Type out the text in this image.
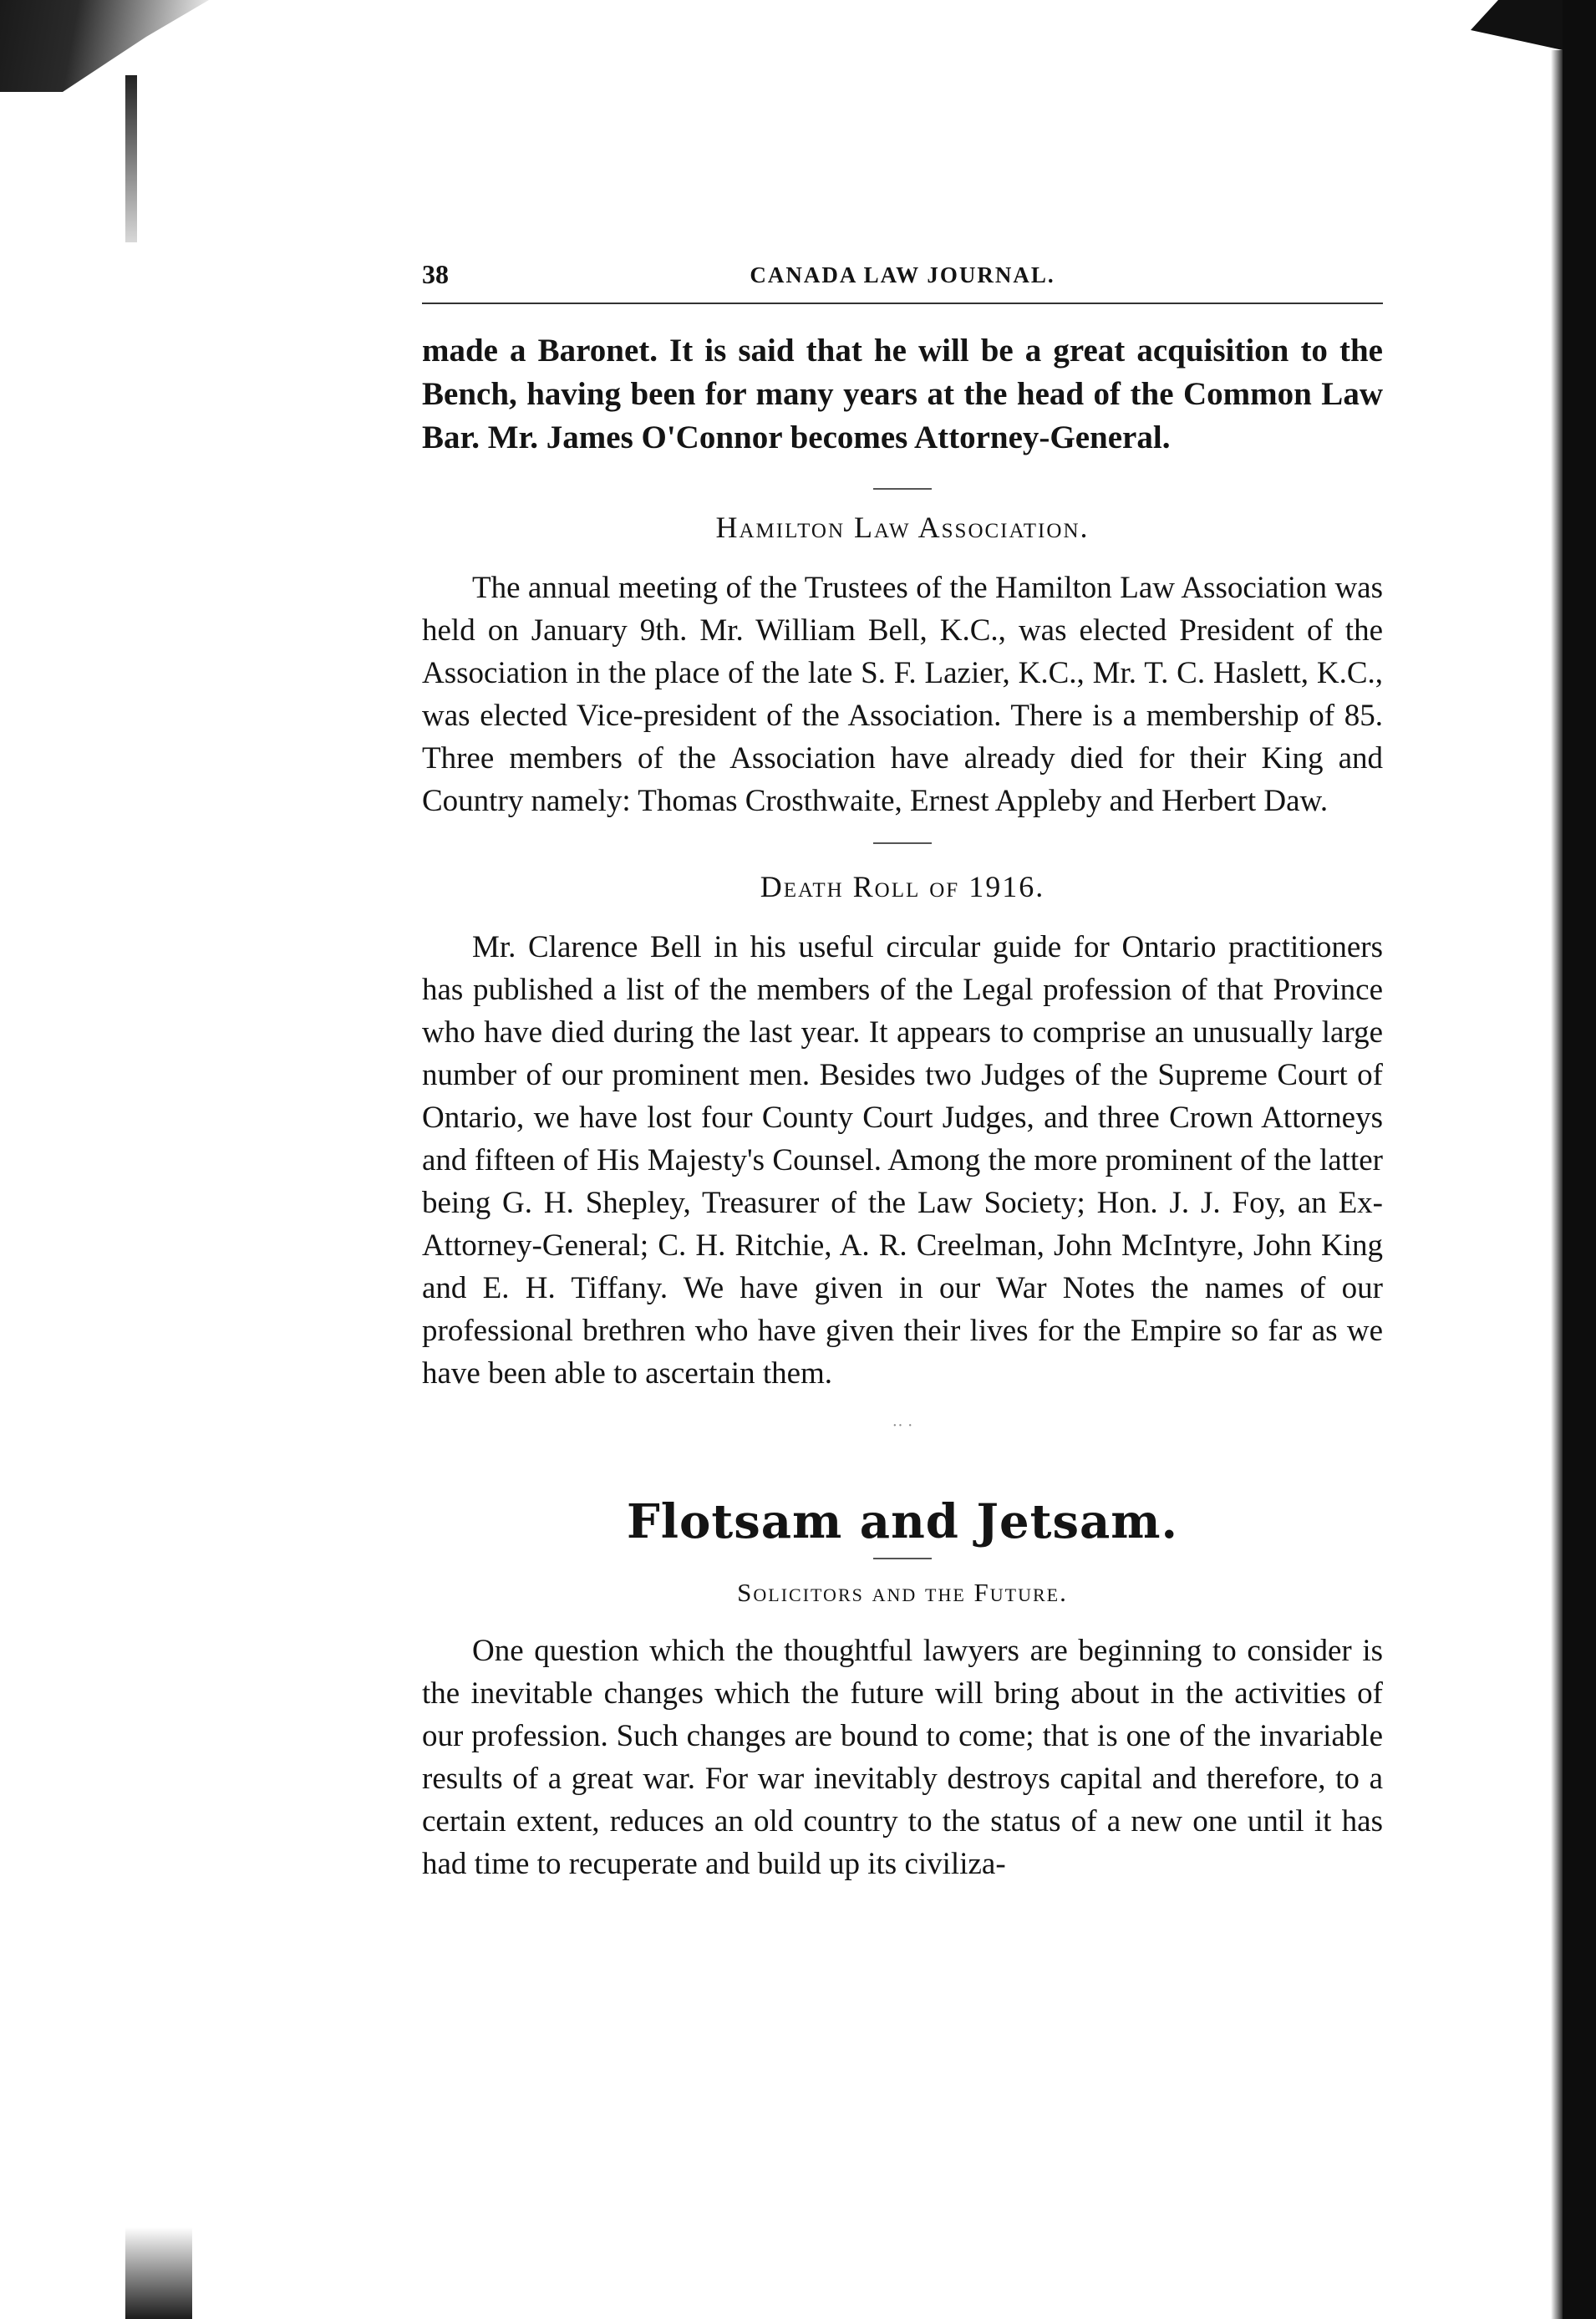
38	CANADA LAW JOURNAL.

made a Baronet. It is said that he will be a great acquisition to the Bench, having been for many years at the head of the Common Law Bar. Mr. James O'Connor becomes Attorney-General.

Hamilton Law Association.

The annual meeting of the Trustees of the Hamilton Law Association was held on January 9th. Mr. William Bell, K.C., was elected President of the Association in the place of the late S. F. Lazier, K.C., Mr. T. C. Haslett, K.C., was elected Vice-president of the Association. There is a membership of 85. Three members of the Association have already died for their King and Country namely: Thomas Crosthwaite, Ernest Appleby and Herbert Daw.

Death Roll of 1916.

Mr. Clarence Bell in his useful circular guide for Ontario practitioners has published a list of the members of the Legal profession of that Province who have died during the last year. It appears to comprise an unusually large number of our prominent men. Besides two Judges of the Supreme Court of Ontario, we have lost four County Court Judges, and three Crown Attorneys and fifteen of His Majesty's Counsel. Among the more prominent of the latter being G. H. Shepley, Treasurer of the Law Society; Hon. J. J. Foy, an Ex-Attorney-General; C. H. Ritchie, A. R. Creelman, John McIntyre, John King and E. H. Tiffany. We have given in our War Notes the names of our professional brethren who have given their lives for the Empire so far as we have been able to ascertain them.

·· ·
Flotsam and Jetsam.
Solicitors and the Future.

One question which the thoughtful lawyers are beginning to consider is the inevitable changes which the future will bring about in the activities of our profession. Such changes are bound to come; that is one of the invariable results of a great war. For war inevitably destroys capital and therefore, to a certain extent, reduces an old country to the status of a new one until it has had time to recuperate and build up its civiliza-
